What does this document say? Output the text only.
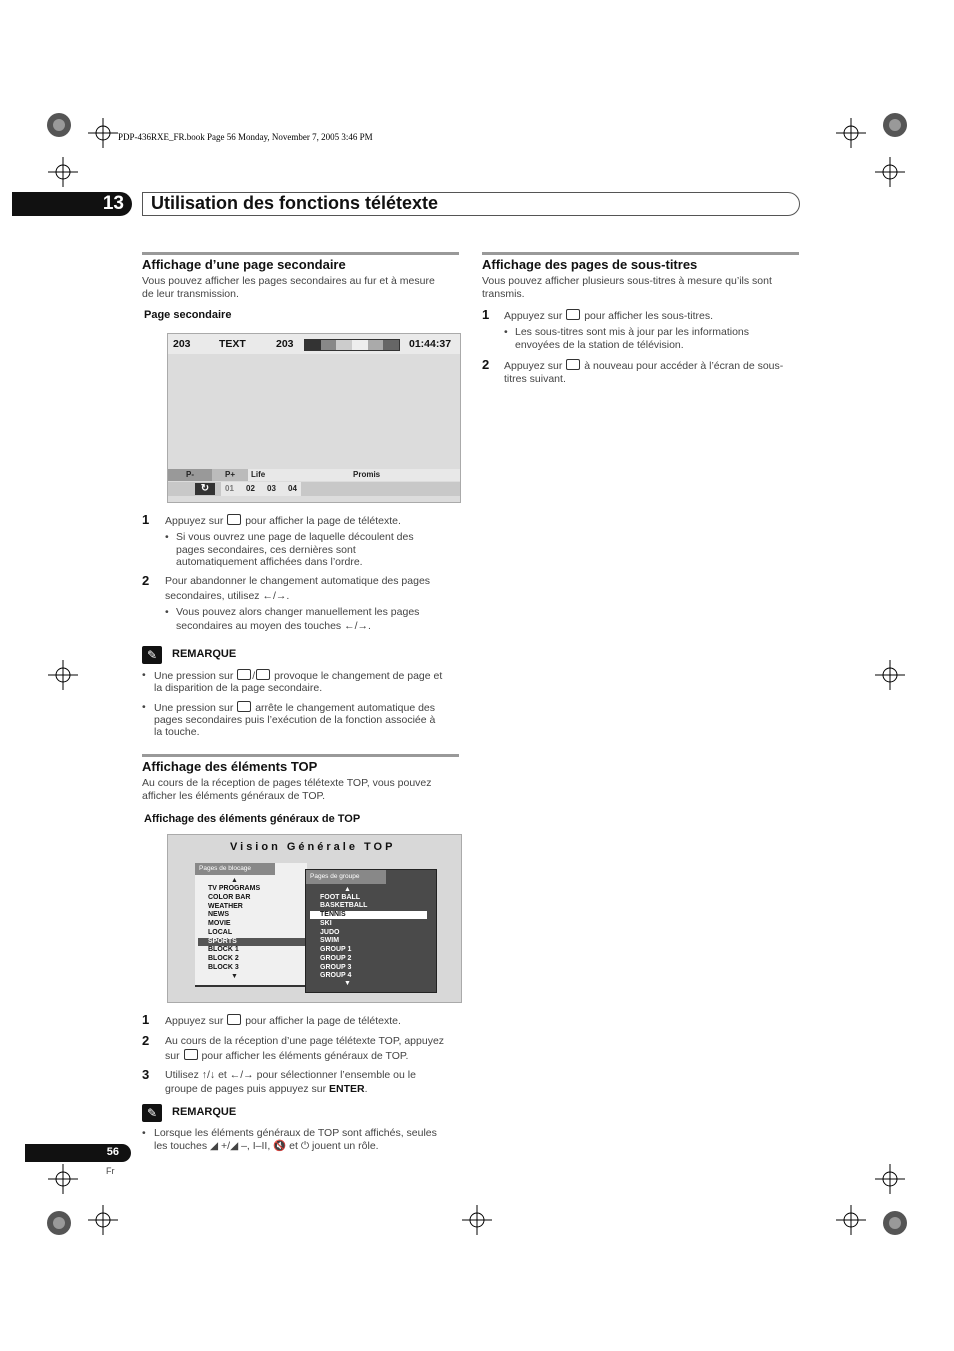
PDP-436RXE_FR.book Page 56 Monday, November 7, 2005 3:46 PM
13 Utilisation des fonctions télétexte
Affichage d’une page secondaire
Vous pouvez afficher les pages secondaires au fur et à mesure
de leur transmission.
Page secondaire
203	TEXT	203	01:44:37
P-	P+ Life	Promis
↻	01 02 03 04
1 Appuyez sur pour afficher la page de télétexte.
• Si vous ouvrez une page de laquelle découlent des
pages secondaires, ces dernières sont
automatiquement affichées dans l’ordre.
2 Pour abandonner le changement automatique des pages
secondaires, utilisez ←/→.
• Vous pouvez alors changer manuellement les pages
secondaires au moyen des touches ←/→.
✎	REMARQUE
• Une pression sur / provoque le changement de page et
la disparition de la page secondaire.
• Une pression sur arrête le changement automatique des
pages secondaires puis l’exécution de la fonction associée à
la touche.
Affichage des éléments TOP
Au cours de la réception de pages télétexte TOP, vous pouvez
afficher les éléments généraux de TOP.
Affichage des éléments généraux de TOP
Vision Générale TOP
Pages de blocage
▲
TV PROGRAMS
COLOR BAR
WEATHER
NEWS
MOVIE
LOCAL
SPORTS
BLOCK 1
BLOCK 2
BLOCK 3
▼
Pages de groupe
▲
FOOT BALL
BASKETBALL
TENNIS
SKI
JUDO
SWIM
GROUP 1
GROUP 2
GROUP 3
GROUP 4
▼
1 Appuyez sur pour afficher la page de télétexte.
2 Au cours de la réception d’une page télétexte TOP, appuyez
sur pour afficher les éléments généraux de TOP.
3 Utilisez ↑/↓ et ←/→ pour sélectionner l’ensemble ou le
groupe de pages puis appuyez sur ENTER.
✎	REMARQUE
• Lorsque les éléments généraux de TOP sont affichés, seules
les touches ◢ +/◢ –, I–II, 🔇 et ⏻ jouent un rôle.
Affichage des pages de sous-titres
Vous pouvez afficher plusieurs sous-titres à mesure qu’ils sont
transmis.
1 Appuyez sur pour afficher les sous-titres.
• Les sous-titres sont mis à jour par les informations
envoyées de la station de télévision.
2 Appuyez sur à nouveau pour accéder à l’écran de sous-
titres suivant.
56
Fr
